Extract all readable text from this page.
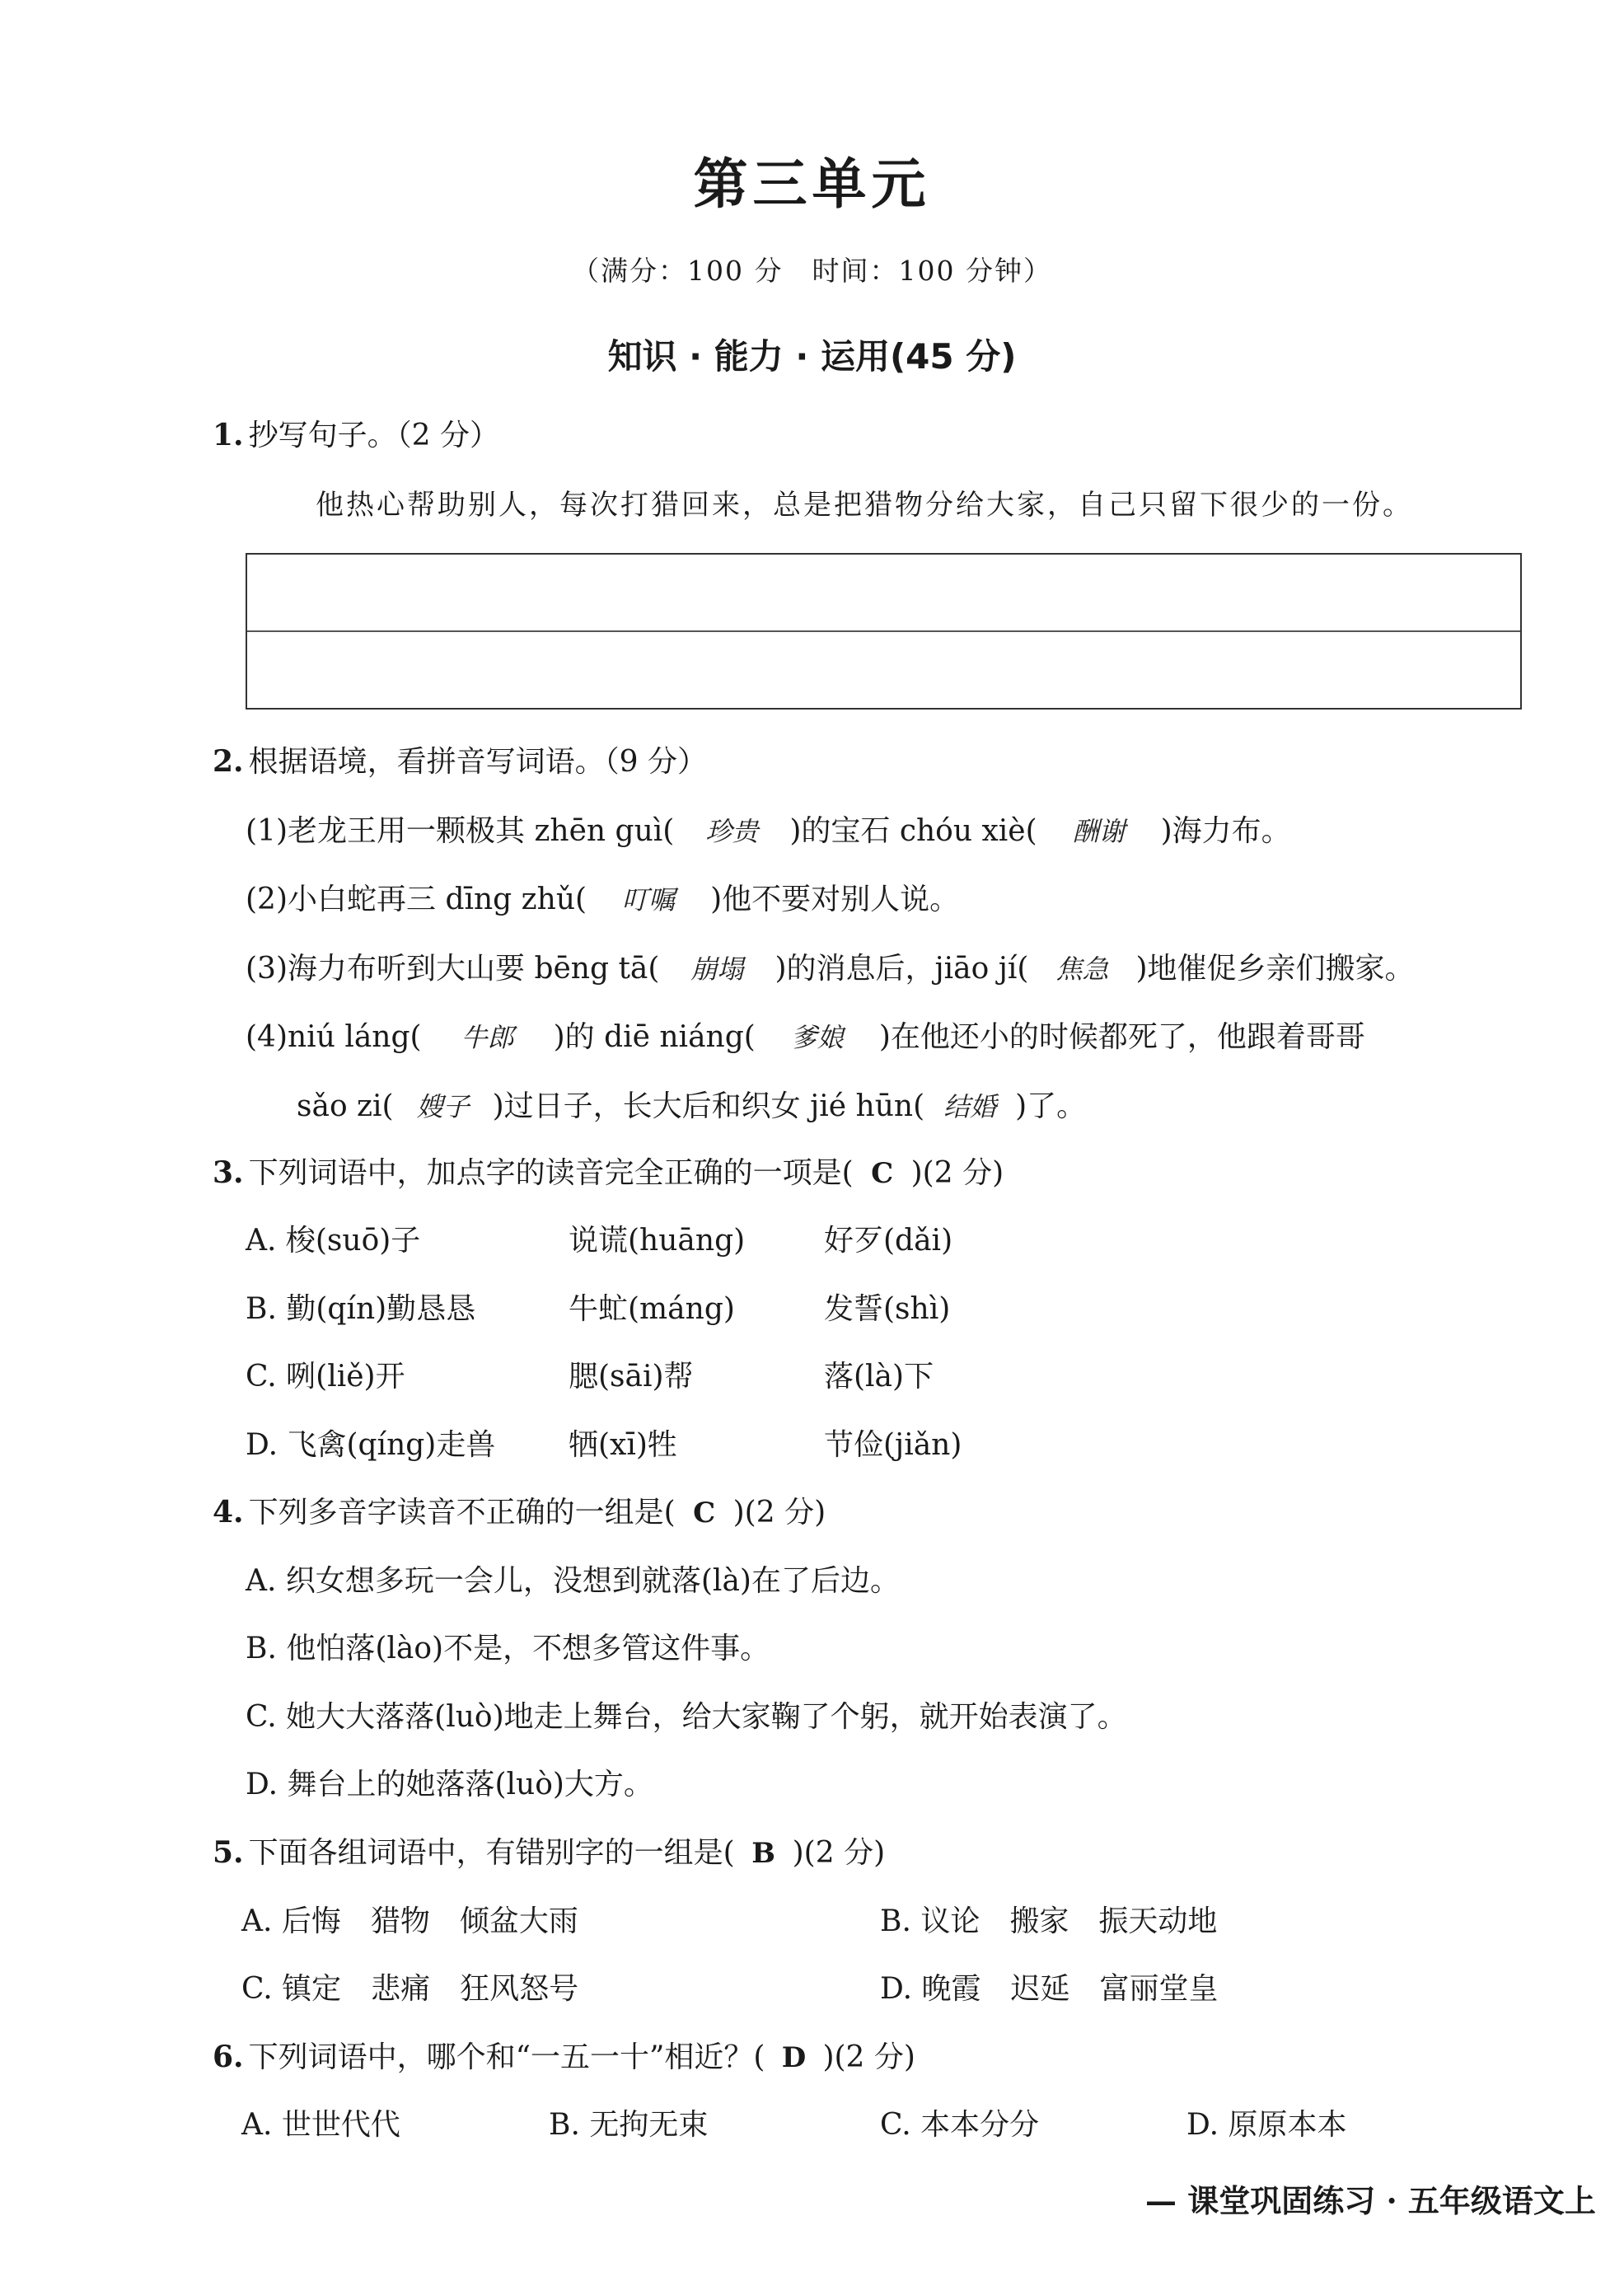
第三单元
（满分：100 分　时间：100 分钟）
知识 · 能力 · 运用(45 分)
1. 抄写句子。（2 分）
他热心帮助别人，每次打猎回来，总是把猎物分给大家，自己只留下很少的一份。
2. 根据语境，看拼音写词语。（9 分）
(1)老龙王用一颗极其 zhēn guì( 珍贵 )的宝石 chóu xiè( 酬谢 )海力布。
(2)小白蛇再三 dīng zhǔ( 叮嘱 )他不要对别人说。
(3)海力布听到大山要 bēng tā( 崩塌 )的消息后，jiāo jí( 焦急 )地催促乡亲们搬家。
(4)niú láng( 牛郎 )的 diē niáng( 爹娘 )在他还小的时候都死了，他跟着哥哥
sǎo zi( 嫂子 )过日子，长大后和织女 jié hūn( 结婚 )了。
3. 下列词语中，加点字的读音完全正确的一项是( C )(2 分)
A. 梭(suō)子	说谎(huāng)	好歹(dǎi)
B. 勤(qín)勤恳恳	牛虻(máng)	发誓(shì)
C. 咧(liě)开	腮(sāi)帮	落(là)下
D. 飞禽(qíng)走兽 牺(xī)牲	节俭(jiǎn)
4. 下列多音字读音不正确的一组是( C )(2 分)
A. 织女想多玩一会儿，没想到就落(là)在了后边。
B. 他怕落(lào)不是，不想多管这件事。
C. 她大大落落(luò)地走上舞台，给大家鞠了个躬，就开始表演了。
D. 舞台上的她落落(luò)大方。
5. 下面各组词语中，有错别字的一组是( B )(2 分)
A. 后悔　猎物　倾盆大雨	B. 议论　搬家　振天动地
C. 镇定　悲痛　狂风怒号	D. 晚霞　迟延　富丽堂皇
6. 下列词语中，哪个和“一五一十”相近？( D )(2 分)
A. 世世代代	B. 无拘无束	C. 本本分分	D. 原原本本
— 课堂巩固练习 · 五年级语文上
